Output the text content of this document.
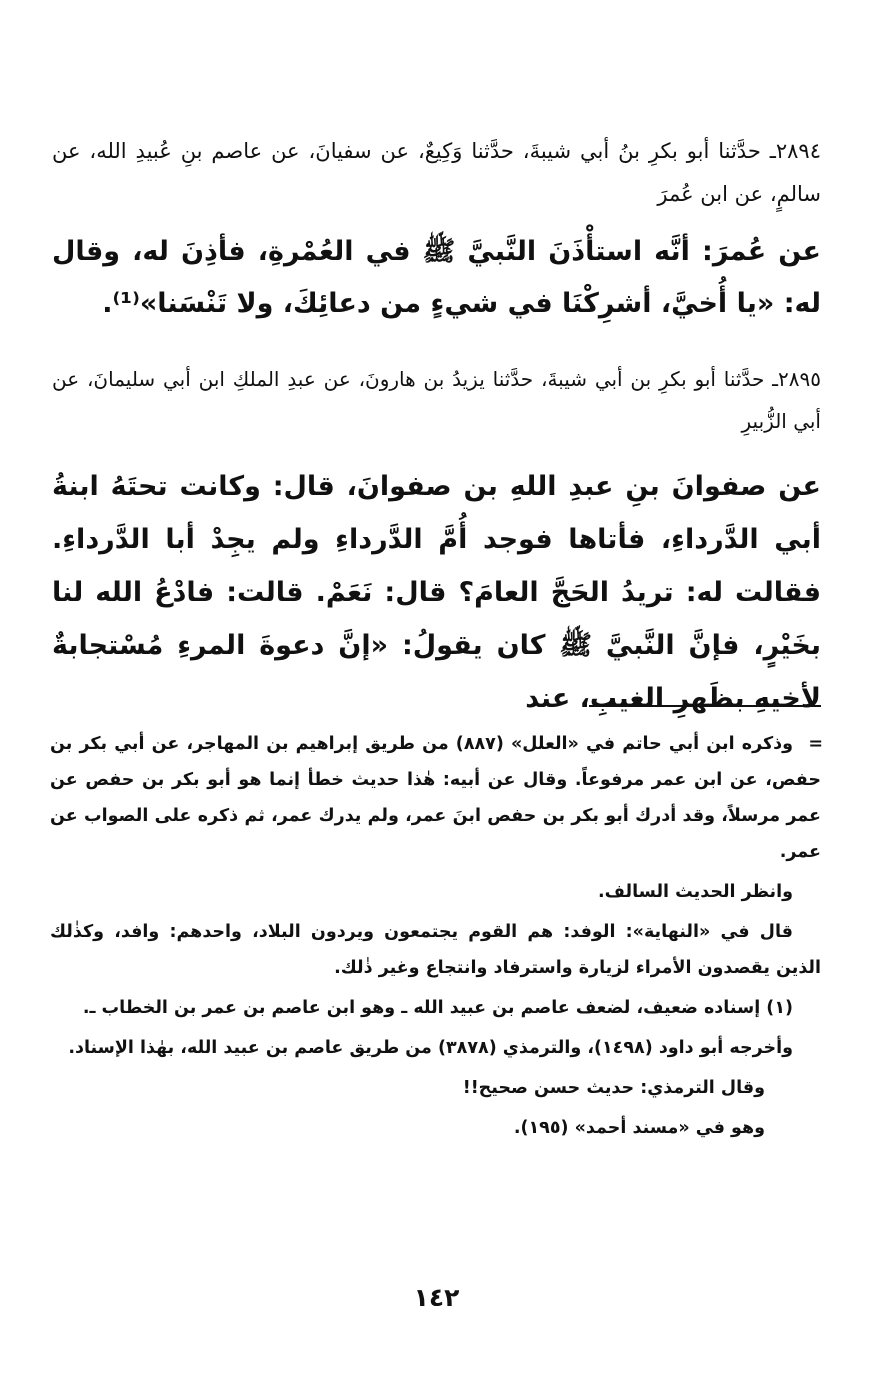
٢٨٩٤ـ حدَّثنا أبو بكرِ بنُ أبي شيبةَ، حدَّثنا وَكِيعٌ، عن سفيانَ، عن عاصم بنِ عُبيدِ الله، عن سالمٍ، عن ابن عُمرَ

عن عُمرَ: أنَّه استأْذَنَ النَّبيَّ ﷺ في العُمْرةِ، فأذِنَ له، وقال له: «يا أُخيَّ، أشرِكْنَا في شيءٍ من دعائِكَ، ولا تَنْسَنا»⁽¹⁾.

٢٨٩٥ـ حدَّثنا أبو بكرِ بن أبي شيبةَ، حدَّثنا يزيدُ بن هارونَ، عن عبدِ الملكِ ابن أبي سليمانَ، عن أبي الزُّبيرِ

عن صفوانَ بنِ عبدِ اللهِ بن صفوانَ، قال: وكانت تحتَهُ ابنةُ أبي الدَّرداءِ، فأتاها فوجد أُمَّ الدَّرداءِ ولم يجِدْ أبا الدَّرداءِ. فقالت له: تريدُ الحَجَّ العامَ؟ قال: نَعَمْ. قالت: فادْعُ الله لنا بخَيْرٍ، فإنَّ النَّبيَّ ﷺ كان يقولُ: «إنَّ دعوةَ المرءِ مُسْتجابةٌ لأخيهِ بظَهرِ الغيبِ، عند

=
وذكره ابن أبي حاتم في «العلل» (٨٨٧) من طريق إبراهيم بن المهاجر، عن أبي بكر بن حفص، عن ابن عمر مرفوعاً. وقال عن أبيه: هٰذا حديث خطأ إنما هو أبو بكر بن حفص عن عمر مرسلاً، وقد أدرك أبو بكر بن حفص ابنَ عمر، ولم يدرك عمر، ثم ذكره على الصواب عن عمر.

وانظر الحديث السالف.

قال في «النهاية»: الوفد: هم القوم يجتمعون ويردون البلاد، واحدهم: وافد، وكذٰلك الذين يقصدون الأمراء لزيارة واسترفاد وانتجاع وغير ذٰلك.

(١) إسناده ضعيف، لضعف عاصم بن عبيد الله ـ وهو ابن عاصم بن عمر بن الخطاب ـ.

وأخرجه أبو داود (١٤٩٨)، والترمذي (٣٨٧٨) من طريق عاصم بن عبيد الله، بهٰذا الإسناد.

وقال الترمذي: حديث حسن صحيح!!

وهو في «مسند أحمد» (١٩٥).

١٤٢
